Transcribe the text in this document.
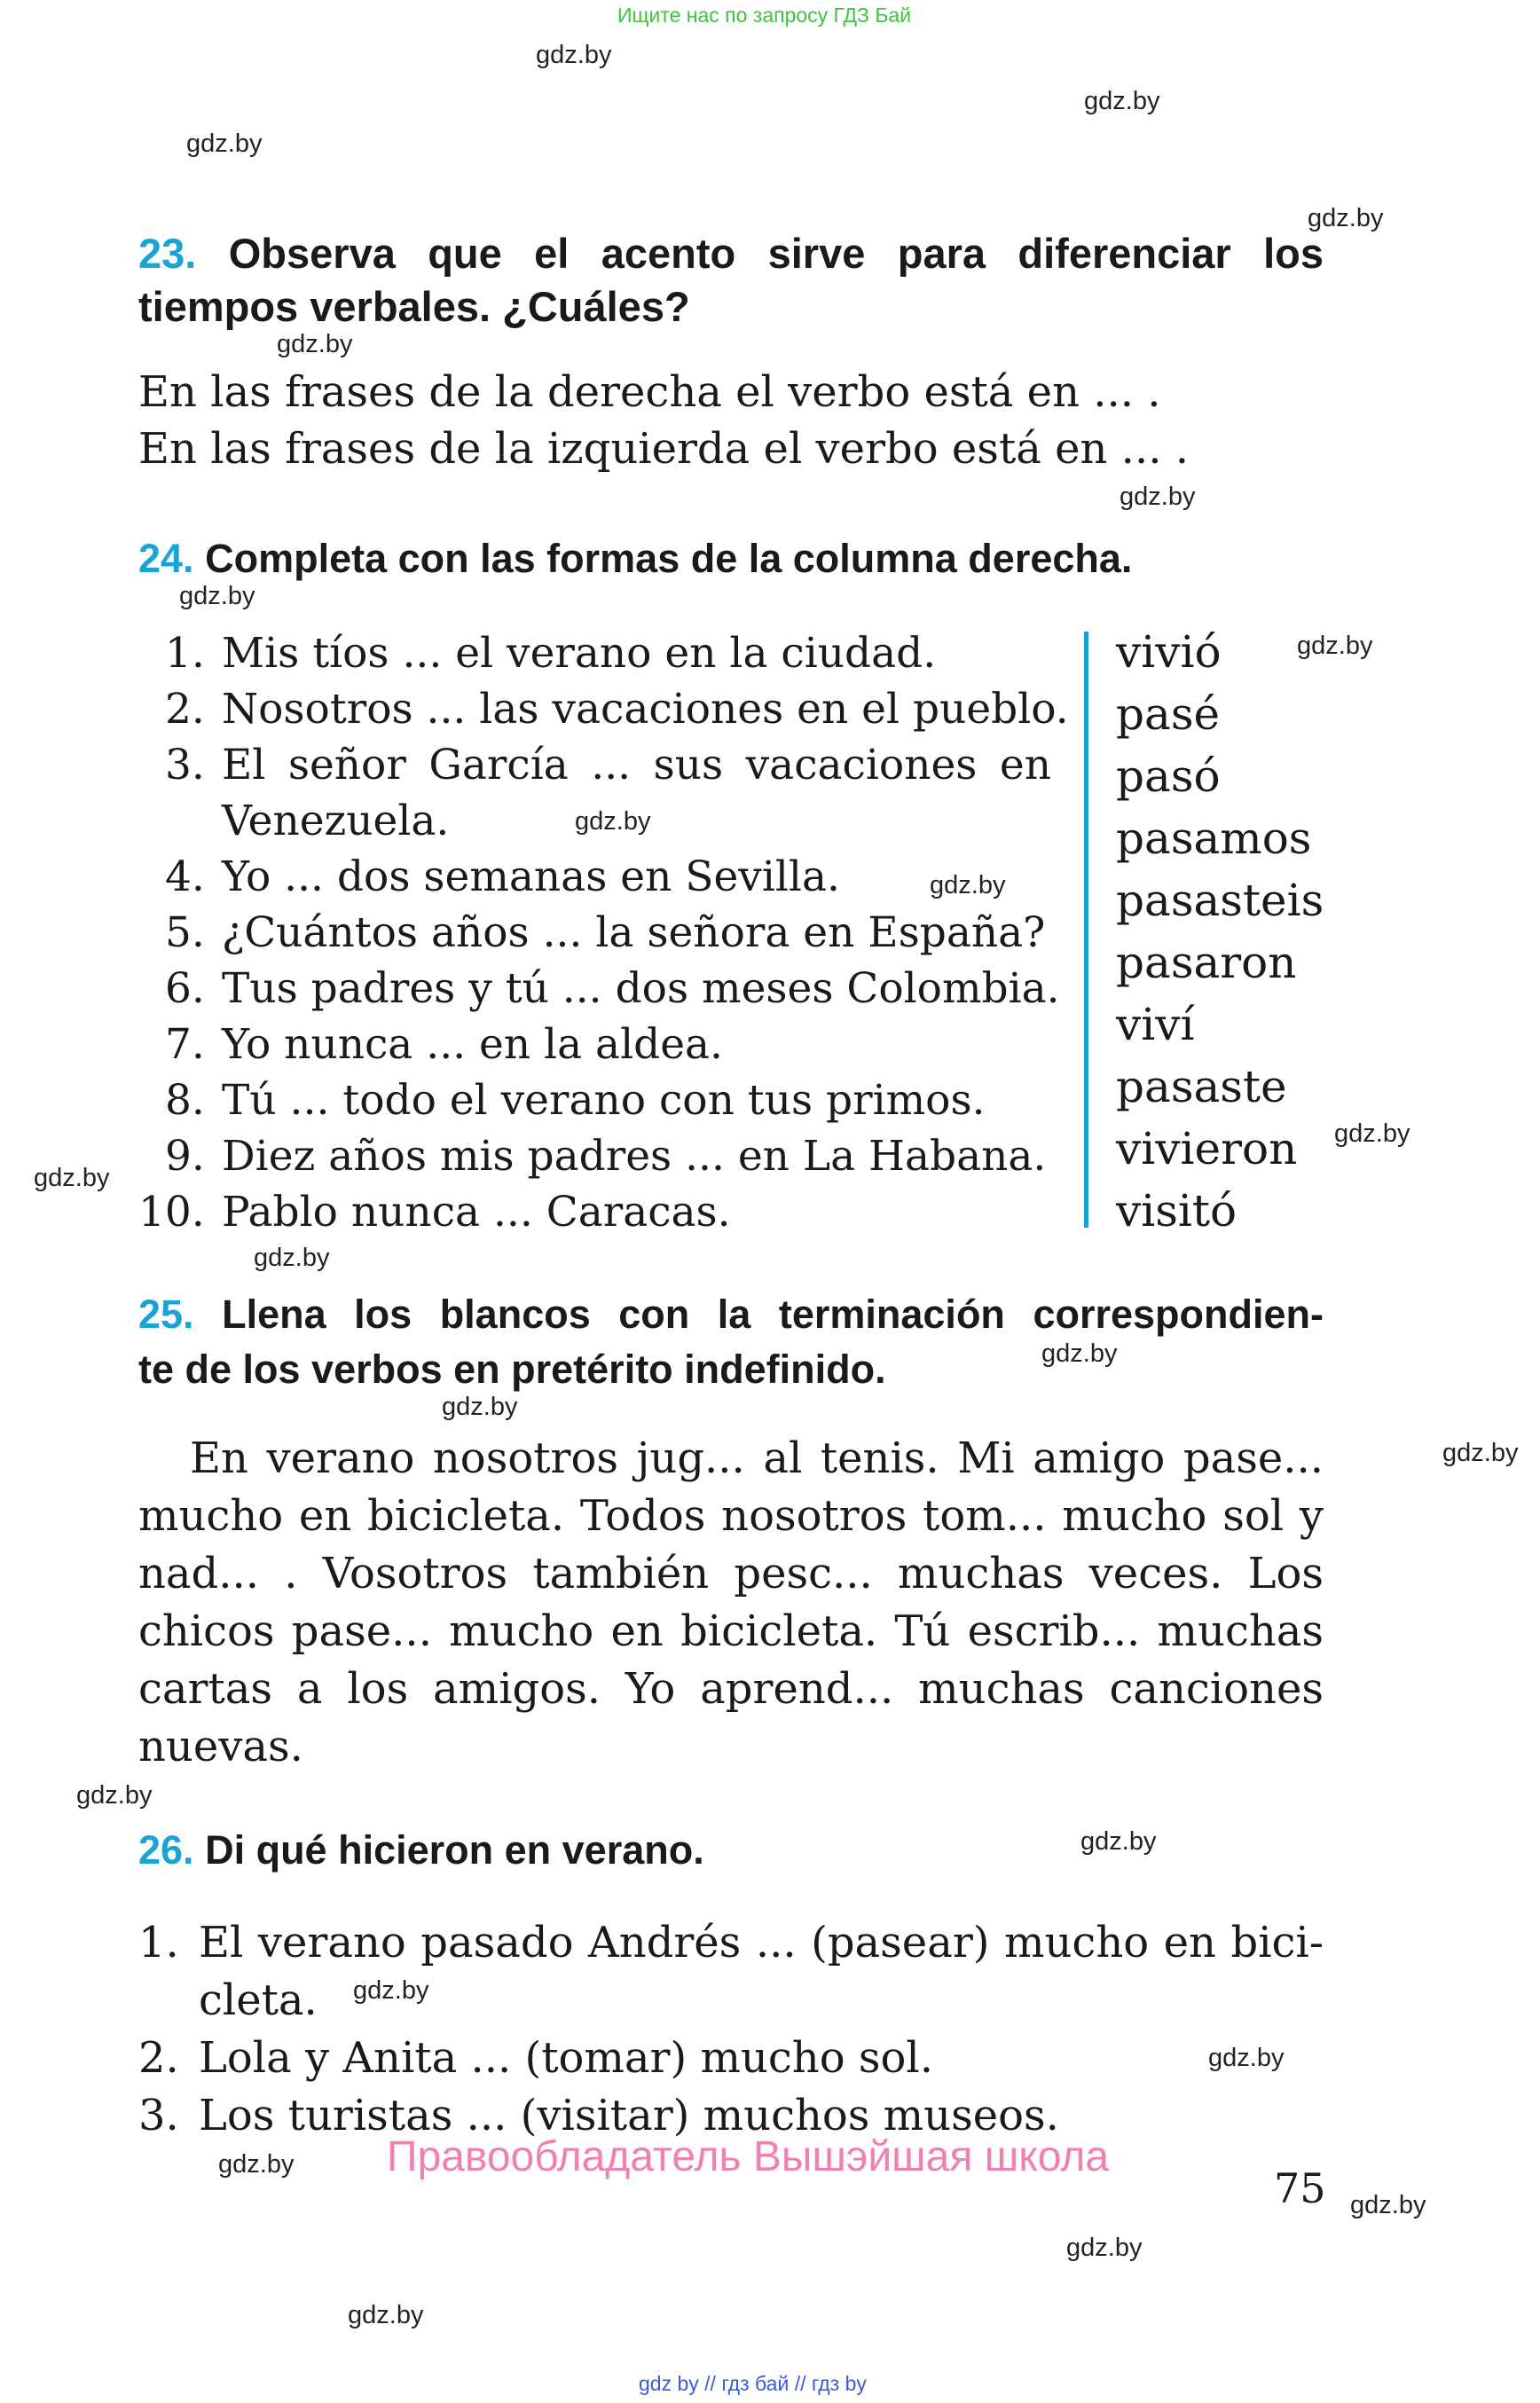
Ищите нас по запросу ГДЗ Бай
gdz.by
gdz.by
gdz.by
gdz.by
gdz.by
gdz.by
gdz.by
gdz.by
gdz.by
gdz.by
gdz.by
gdz.by
gdz.by
gdz.by
gdz.by
gdz.by
gdz.by
gdz.by
gdz.by
gdz.by
gdz.by
gdz.by
gdz.by
gdz.by
23. Observa que el acento sirve para diferenciar los
tiempos verbales. ¿Cuáles?
En las frases de la derecha el verbo está en ... .
En las frases de la izquierda el verbo está en ... .
24. Completa con las formas de la columna derecha.
1. Mis tíos ... el verano en la ciudad.
2. Nosotros ... las vacaciones en el pueblo.
3. El señor García ... sus vacaciones en
Venezuela.
4. Yo ... dos semanas en Sevilla.
5. ¿Cuántos años ... la señora en España?
6. Tus padres y tú ... dos meses Colombia.
7. Yo nunca ... en la aldea.
8. Tú ... todo el verano con tus primos.
9. Diez años mis padres ... en La Habana.
10. Pablo nunca ... Caracas.
vivió
pasé
pasó
pasamos
pasasteis
pasaron
viví
pasaste
vivieron
visitó
25. Llena los blancos con la terminación correspondien-
te de los verbos en pretérito indefinido.

En verano nosotros jug... al tenis. Mi amigo pase...

mucho en bicicleta. Todos nosotros tom... mucho sol y

nad... . Vosotros también pesc... muchas veces. Los

chicos pase... mucho en bicicleta. Tú escrib... muchas

cartas a los amigos. Yo aprend... muchas canciones

nuevas.

26. Di qué hicieron en verano.
1. El verano pasado Andrés ... (pasear) mucho en bici-
cleta.
2. Lola y Anita ... (tomar) mucho sol.
3. Los turistas ... (visitar) muchos museos.
Правообладатель Вышэйшая школа
75
gdz by // гдз бай // гдз by
